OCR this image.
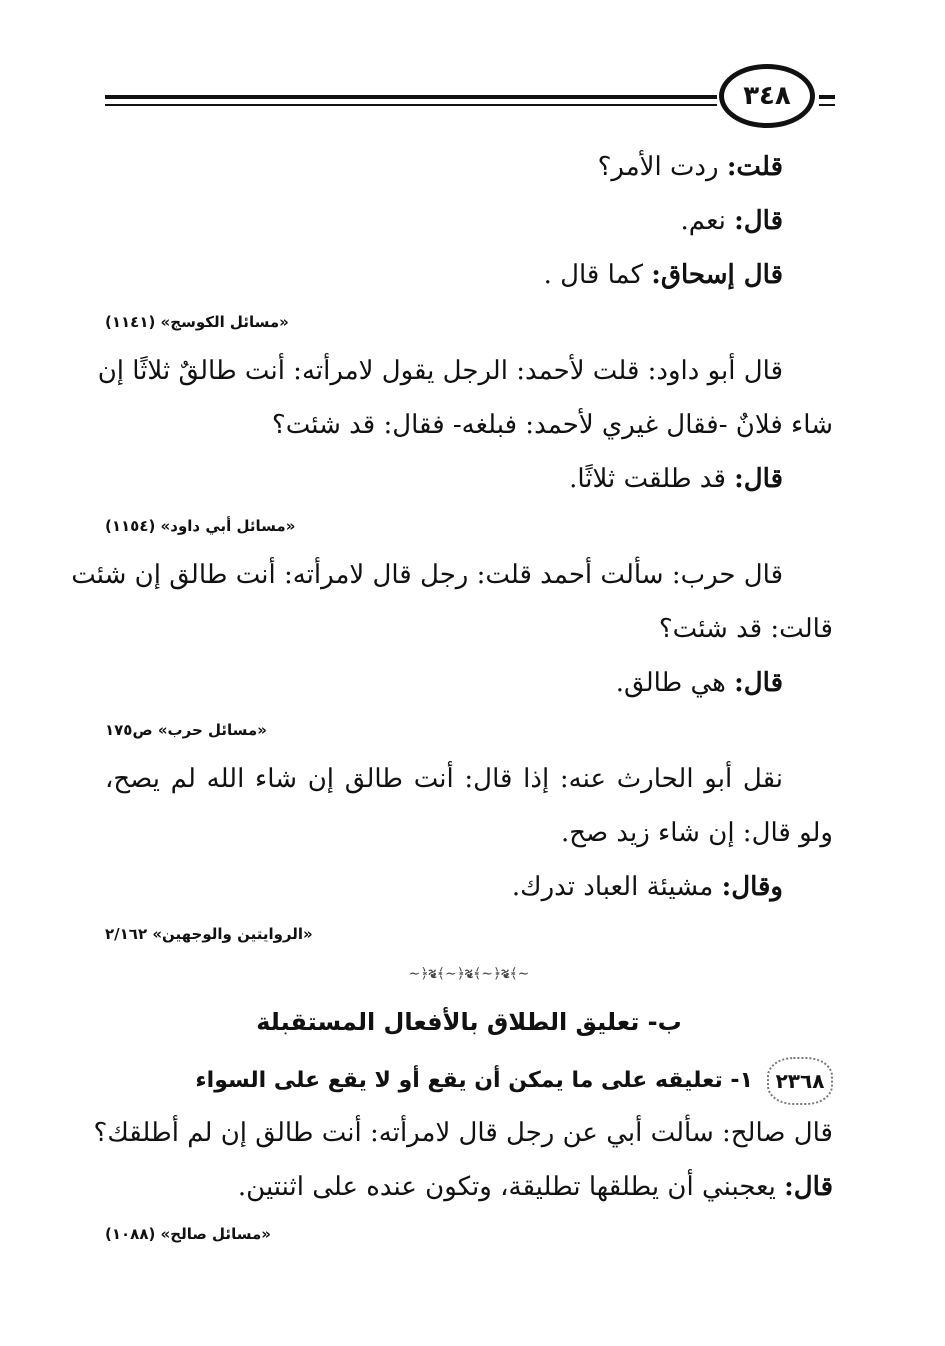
٣٤٨
قلت: ردت الأمر؟
قال: نعم.
قال إسحاق: كما قال .
«مسائل الكوسج» (١١٤١)
قال أبو داود: قلت لأحمد: الرجل يقول لامرأته: أنت طالقٌ ثلاثًا إن
شاء فلانٌ -فقال غيري لأحمد: فبلغه- فقال: قد شئت؟
قال: قد طلقت ثلاثًا.
«مسائل أبي داود» (١١٥٤)
قال حرب: سألت أحمد قلت: رجل قال لامرأته: أنت طالق إن شئت
قالت: قد شئت؟
قال: هي طالق.
«مسائل حرب» ص١٧٥
نقل أبو الحارث عنه: إذا قال: أنت طالق إن شاء الله لم يصح،
ولو قال: إن شاء زيد صح.
وقال: مشيئة العباد تدرك.
«الروايتين والوجهين» ٢/١٦٢
∽﴾❧﴿∽﴾❧﴿∽﴾❧﴿∽
ب- تعليق الطلاق بالأفعال المستقبلة
٢٣٦٨
١- تعليقه على ما يمكن أن يقع أو لا يقع على السواء
قال صالح: سألت أبي عن رجل قال لامرأته: أنت طالق إن لم أطلقك؟
قال: يعجبني أن يطلقها تطليقة، وتكون عنده على اثنتين.
«مسائل صالح» (١٠٨٨)
